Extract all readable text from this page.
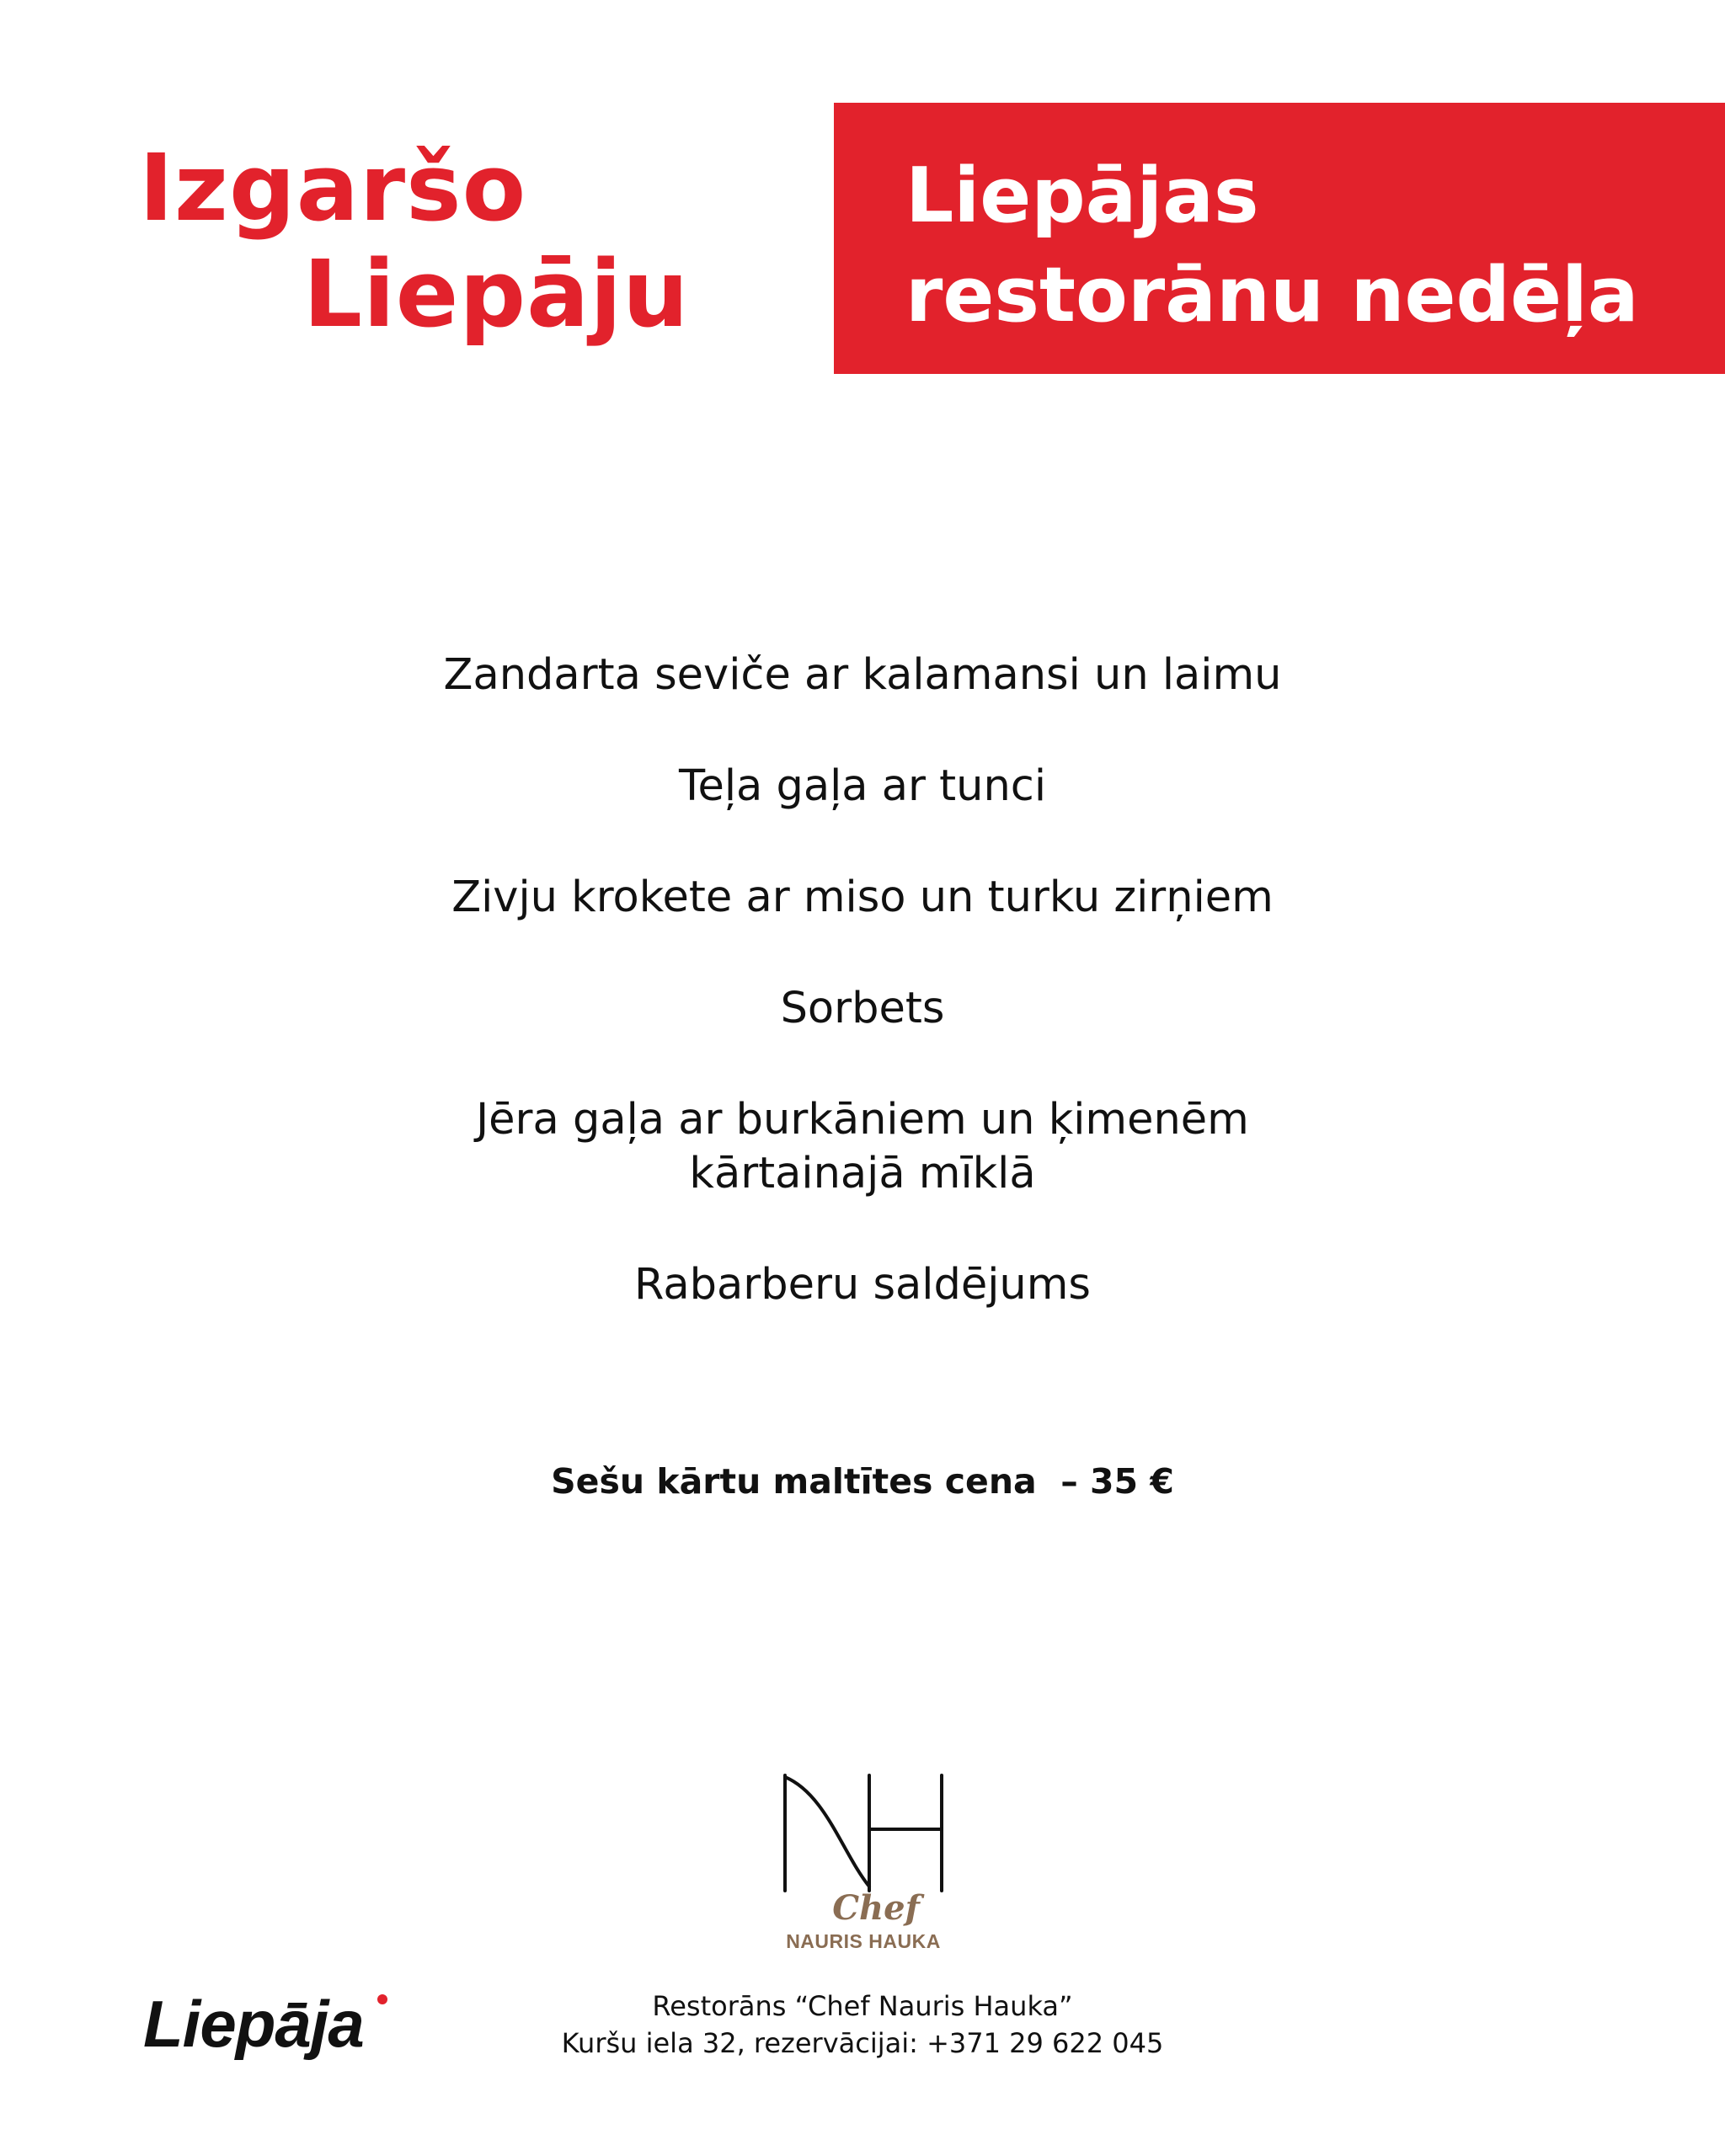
Izgaršo
Liepāju
Liepājas
restorānu nedēļa
Zandarta seviče ar kalamansi un laimu
Teļa gaļa ar tunci
Zivju krokete ar miso un turku zirņiem
Sorbets
Jēra gaļa ar burkāniem un ķimenēm
kārtainajā mīklā
Rabarberu saldējums
Sešu kārtu maltītes cena  – 35 €
Chef
NAURIS HAUKA
Liepāja	Restorāns “Chef Nauris Hauka”
Kuršu iela 32, rezervācijai: +371 29 622 045
